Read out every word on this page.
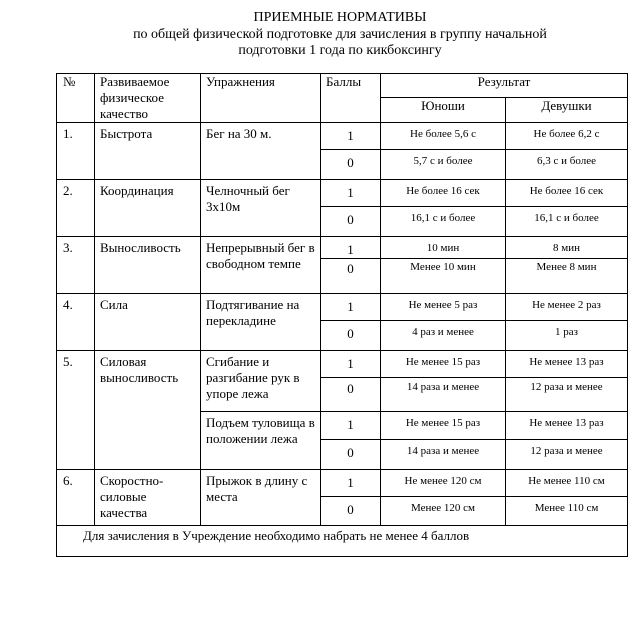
ПРИЕМНЫЕ НОРМАТИВЫ
по общей физической подготовке для зачисления в группу начальной
подготовки 1 года по кикбоксингу
№	Развиваемое физическое качество	Упражнения	Баллы	Результат	
				Юноши	Девушки
1.	Быстрота	Бег на 30 м.	1	Не более 5,6 с	Не более 6,2 с
			0	5,7 с и более	6,3 с и более
2.	Координация	Челночный бег 3х10м	1	Не более 16 сек	Не более 16 сек
			0	16,1 с и более	16,1 с и более
3.	Выносливость	Непрерывный бег в свободном темпе	1	10 мин	8 мин
			0	Менее 10 мин	Менее 8 мин
4.	Сила	Подтягивание на перекладине	1	Не менее 5 раз	Не менее 2 раз
			0	4 раз и менее	1 раз
5.	Силовая выносливость	Сгибание и разгибание рук в упоре лежа	1	Не менее 15 раз	Не менее 13 раз
			0	14 раза и менее	12 раза и менее
		Подъем туловища в положении лежа	1	Не менее 15 раз	Не менее 13 раз
			0	14 раза и менее	12 раза и менее
6.	Скоростно-силовые качества	Прыжок в длину с места	1	Не менее 120 см	Не менее 110 см
			0	Менее 120 см	Менее 110 см
Для зачисления в Учреждение необходимо набрать не менее 4 баллов					
